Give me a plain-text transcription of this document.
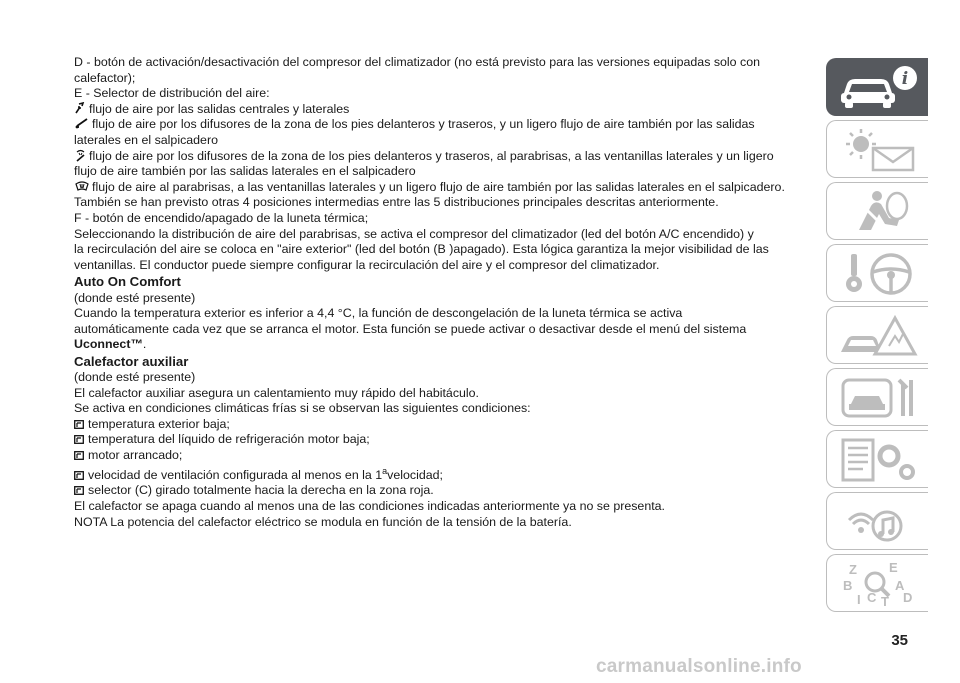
D - botón de activación/desactivación del compresor del climatizador (no está previsto para las versiones equipadas solo con

calefactor);

E - Selector de distribución del aire:

flujo de aire por las salidas centrales y laterales

flujo de aire por los difusores de la zona de los pies delanteros y traseros, y un ligero flujo de aire también por las salidas

laterales en el salpicadero

flujo de aire por los difusores de la zona de los pies delanteros y traseros, al parabrisas, a las ventanillas laterales y un ligero

flujo de aire también por las salidas laterales en el salpicadero

flujo de aire al parabrisas, a las ventanillas laterales y un ligero flujo de aire también por las salidas laterales en el salpicadero.

También se han previsto otras 4 posiciones intermedias entre las 5 distribuciones principales descritas anteriormente.

F - botón de encendido/apagado de la luneta térmica;

Seleccionando la distribución de aire del parabrisas, se activa el compresor del climatizador (led del botón A/C encendido) y

la recirculación del aire se coloca en "aire exterior" (led del botón (B )apagado). Esta lógica garantiza la mejor visibilidad de las

ventanillas. El conductor puede siempre configurar la recirculación del aire y el compresor del climatizador.

Auto On Comfort

(donde esté presente)

Cuando la temperatura exterior es inferior a 4,4 °C, la función de descongelación de la luneta térmica se activa

automáticamente cada vez que se arranca el motor. Esta función se puede activar o desactivar desde el menú del sistema

Uconnect™.

Calefactor auxiliar

(donde esté presente)

El calefactor auxiliar asegura un calentamiento muy rápido del habitáculo.

Se activa en condiciones climáticas frías si se observan las siguientes condiciones:

temperatura exterior baja;

temperatura del líquido de refrigeración motor baja;

motor arrancado;

velocidad de ventilación configurada al menos en la 1$^a$velocidad;

selector (C) girado totalmente hacia la derecha en la zona roja.

El calefactor se apaga cuando al menos una de las condiciones indicadas anteriormente ya no se presenta.

NOTA La potencia del calefactor eléctrico se modula en función de la tensión de la batería.

i
Z E
B	A
I C T D
35
carmanualsonline.info
